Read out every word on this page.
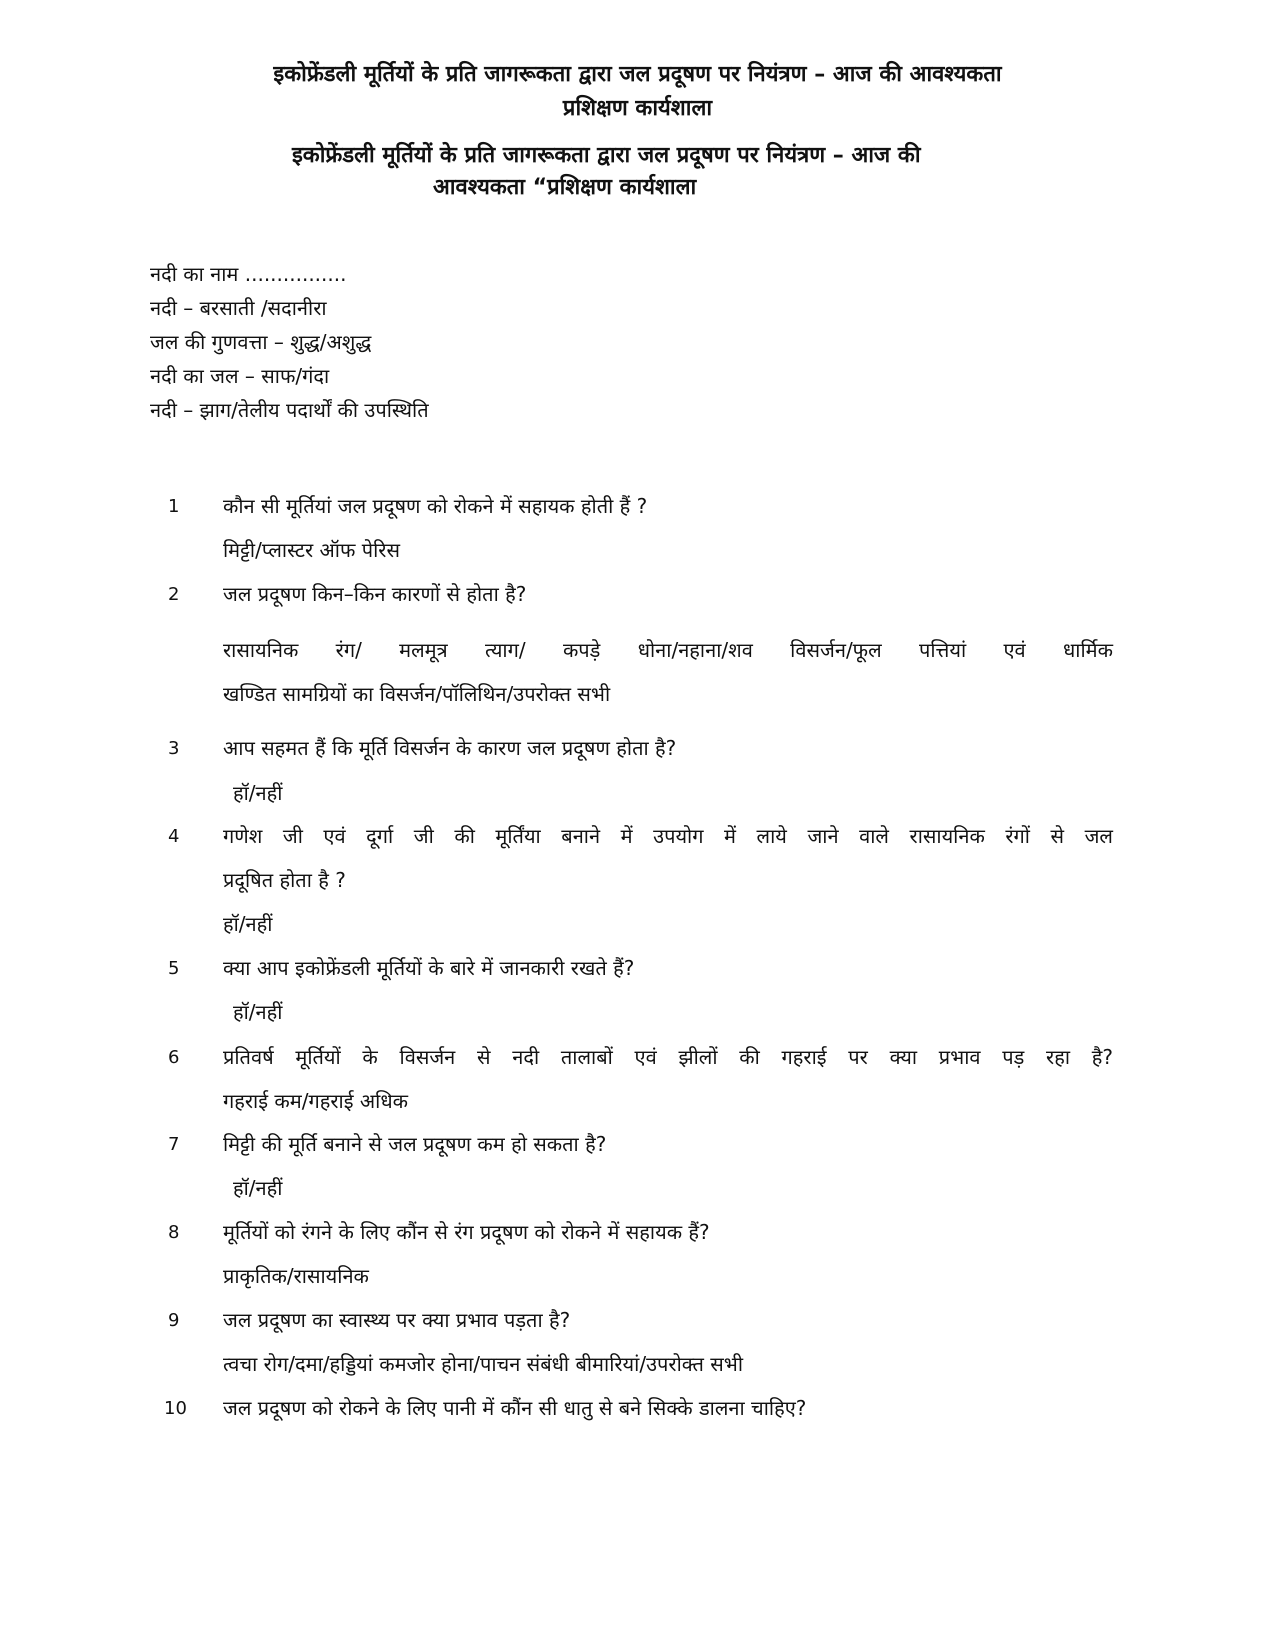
इकोफ्रेंडली मूर्तियों के प्रति जागरूकता द्वारा जल प्रदूषण पर नियंत्रण – आज की आवश्यकता
प्रशिक्षण कार्यशाला
इकोफ्रेंडली मूर्तियों के प्रति जागरूकता द्वारा जल प्रदूषण पर नियंत्रण – आज की
आवश्यकता “प्रशिक्षण कार्यशाला
नदी का नाम ................
नदी – बरसाती /सदानीरा
जल की गुणवत्ता – शुद्ध/अशुद्ध
नदी का जल – साफ/गंदा
नदी – झाग/तेलीय पदार्थों की उपस्थिति
1 कौन सी मूर्तियां जल प्रदूषण को रोकने में सहायक होती हैं ?
मिट्टी/प्लास्टर ऑफ पेरिस
2 जल प्रदूषण किन–किन कारणों से होता है?
रासायनिक रंग/ मलमूत्र त्याग/ कपड़े धोना/नहाना/शव विसर्जन/फूल पत्तियां एवं धार्मिक
खण्डित सामग्रियों का विसर्जन/पॉलिथिन/उपरोक्त सभी
3 आप सहमत हैं कि मूर्ति विसर्जन के कारण जल प्रदूषण होता है?
हॉ/नहीं
4 गणेश जी एवं दूर्गा जी की मूर्तिंया बनाने में उपयोग में लाये जाने वाले रासायनिक रंगों से जल
प्रदूषित होता है ?
हॉ/नहीं
5 क्या आप इकोफ्रेंडली मूर्तियों के बारे में जानकारी रखते हैं?
हॉ/नहीं
6 प्रतिवर्ष मूर्तियों के विसर्जन से नदी तालाबों एवं झीलों की गहराई पर क्या प्रभाव पड़ रहा है?
गहराई कम/गहराई अधिक
7 मिट्टी की मूर्ति बनाने से जल प्रदूषण कम हो सकता है?
हॉ/नहीं
8 मूर्तियों को रंगने के लिए कौंन से रंग प्रदूषण को रोकने में सहायक हैं?
प्राकृतिक/रासायनिक
9 जल प्रदूषण का स्वास्थ्य पर क्या प्रभाव पड़ता है?
त्वचा रोग/दमा/हड्डियां कमजोर होना/पाचन संबंधी बीमारियां/उपरोक्त सभी
10 जल प्रदूषण को रोकने के लिए पानी में कौंन सी धातु से बने सिक्के डालना चाहिए?
